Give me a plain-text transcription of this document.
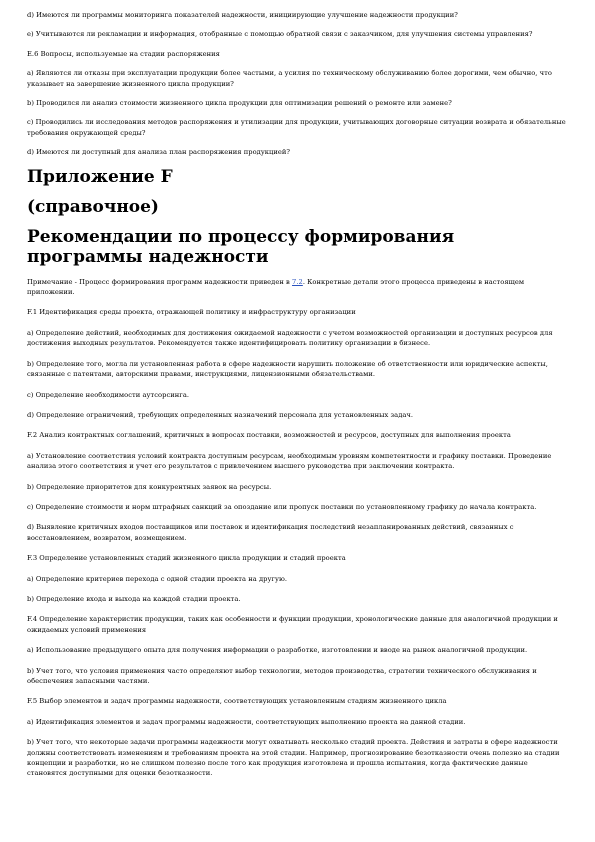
d) Имеются ли программы мониторинга показателей надежности, инициирующие улучшение надежности продукции?

e) Учитываются ли рекламации и информация, отобранные с помощью обратной связи с заказчиком, для улучшения системы управления?

E.6 Вопросы, используемые на стадии распоряжения

a) Являются ли отказы при эксплуатации продукции более частыми, а усилия по техническому обслуживанию более дорогими, чем обычно, что указывает на завершение жизненного цикла продукции?

b) Проводился ли анализ стоимости жизненного цикла продукции для оптимизации решений о ремонте или замене?

c) Проводились ли исследования методов распоряжения и утилизации для продукции, учитывающих договорные ситуации возврата и обязательные требования окружающей среды?

d) Имеются ли доступный для анализа план распоряжения продукцией?

Приложение F
(справочное)
Рекомендации по процессу формирования программы надежности

Примечание - Процесс формирования программ надежности приведен в 7.2. Конкретные детали этого процесса приведены в настоящем приложении.

F.1 Идентификация среды проекта, отражающей политику и инфраструктуру организации

a) Определение действий, необходимых для достижения ожидаемой надежности с учетом возможностей организации и доступных ресурсов для достижения выходных результатов. Рекомендуется также идентифицировать политику организации в бизнесе.

b) Определение того, могла ли установленная работа в сфере надежности нарушить положение об ответственности или юридические аспекты, связанные с патентами, авторскими правами, инструкциями, лицензионными обязательствами.

c) Определение необходимости аутсорсинга.

d) Определение ограничений, требующих определенных назначений персонала для установленных задач.

F.2 Анализ контрактных соглашений, критичных в вопросах поставки, возможностей и ресурсов, доступных для выполнения проекта

a) Установление соответствия условий контракта доступным ресурсам, необходимым уровням компетентности и графику поставки. Проведение анализа этого соответствия и учет его результатов с привлечением высшего руководства при заключении контракта.

b) Определение приоритетов для конкурентных заявок на ресурсы.

c) Определение стоимости и норм штрафных санкций за опоздание или пропуск поставки по установленному графику до начала контракта.

d) Выявление критичных входов поставщиков или поставок и идентификация последствий незапланированных действий, связанных с восстановлением, возвратом, возмещением.

F.3 Определение установленных стадий жизненного цикла продукции и стадий проекта

a) Определение критериев перехода с одной стадии проекта на другую.

b) Определение входа и выхода на каждой стадии проекта.

F.4 Определение характеристик продукции, таких как особенности и функции продукции, хронологические данные для аналогичной продукции и ожидаемых условий применения

a) Использование предыдущего опыта для получения информации о разработке, изготовлении и вводе на рынок аналогичной продукции.

b) Учет того, что условия применения часто определяют выбор технологии, методов производства, стратегии технического обслуживания и обеспечения запасными частями.

F.5 Выбор элементов и задач программы надежности, соответствующих установленным стадиям жизненного цикла

a) Идентификация элементов и задач программы надежности, соответствующих выполнению проекта на данной стадии.

b) Учет того, что некоторые задачи программы надежности могут охватывать несколько стадий проекта. Действия и затраты в сфере надежности должны соответствовать изменениям и требованиям проекта на этой стадии. Например, прогнозирование безотказности очень полезно на стадии концепции и разработки, но не слишком полезно после того как продукция изготовлена и прошла испытания, когда фактические данные становятся доступными для оценки безотказности.
